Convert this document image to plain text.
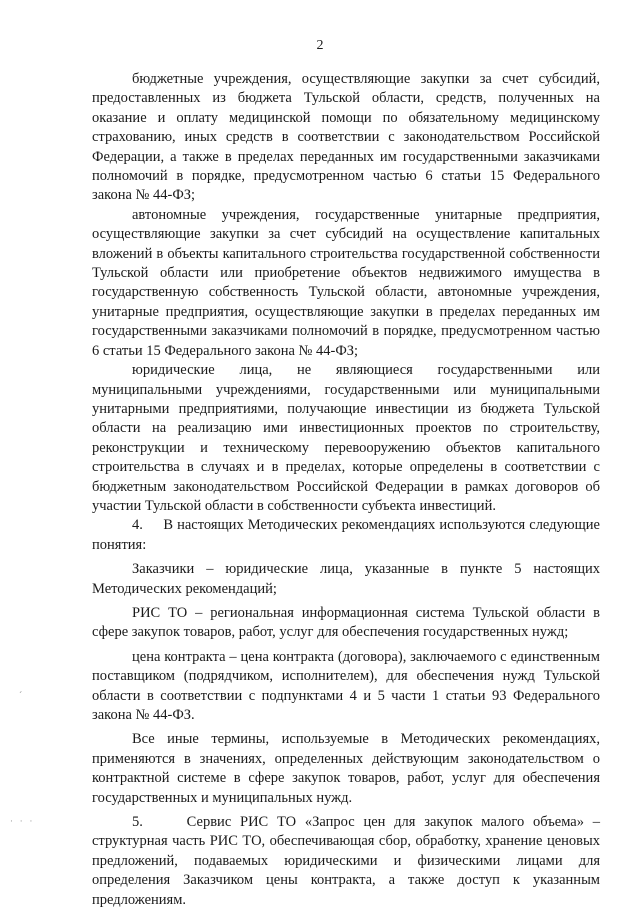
2

бюджетные учреждения, осуществляющие закупки за счет субсидий, предоставленных из бюджета Тульской области, средств, полученных на оказание и оплату медицинской помощи по обязательному медицинскому страхованию, иных средств в соответствии с законодательством Российской Федерации, а также в пределах переданных им государственными заказчиками полномочий в порядке, предусмотренном частью 6 статьи 15 Федерального закона № 44-ФЗ;

автономные учреждения, государственные унитарные предприятия, осуществляющие закупки за счет субсидий на осуществление капитальных вложений в объекты капитального строительства государственной собственности Тульской области или приобретение объектов недвижимого имущества в государственную собственность Тульской области, автономные учреждения, унитарные предприятия, осуществляющие закупки в пределах переданных им государственными заказчиками полномочий в порядке, предусмотренном частью 6 статьи 15 Федерального закона № 44-ФЗ;

юридические лица, не являющиеся государственными или муниципальными учреждениями, государственными или муниципальными унитарными предприятиями, получающие инвестиции из бюджета Тульской области на реализацию ими инвестиционных проектов по строительству, реконструкции и техническому перевооружению объектов капитального строительства в случаях и в пределах, которые определены в соответствии с бюджетным законодательством Российской Федерации в рамках договоров об участии Тульской области в собственности субъекта инвестиций.

4.     В настоящих Методических рекомендациях используются следующие понятия:

Заказчики – юридические лица, указанные в пункте 5 настоящих Методических рекомендаций;

РИС ТО – региональная информационная система Тульской области в сфере закупок товаров, работ, услуг для обеспечения государственных нужд;

цена контракта – цена контракта (договора), заключаемого с единственным поставщиком (подрядчиком, исполнителем), для обеспечения нужд Тульской области в соответствии с подпунктами 4 и 5 части 1 статьи 93 Федерального закона № 44-ФЗ.

Все иные термины, используемые в Методических рекомендациях, применяются в значениях, определенных действующим законодательством о контрактной системе в сфере закупок товаров, работ, услуг для обеспечения государственных и муниципальных нужд.

5.     Сервис РИС ТО «Запрос цен для закупок малого объема» – структурная часть РИС ТО, обеспечивающая сбор, обработку, хранение ценовых предложений, подаваемых юридическими и физическими лицами для определения Заказчиком цены контракта, а также доступ к указанным предложениям.

ˏ
· · ·
